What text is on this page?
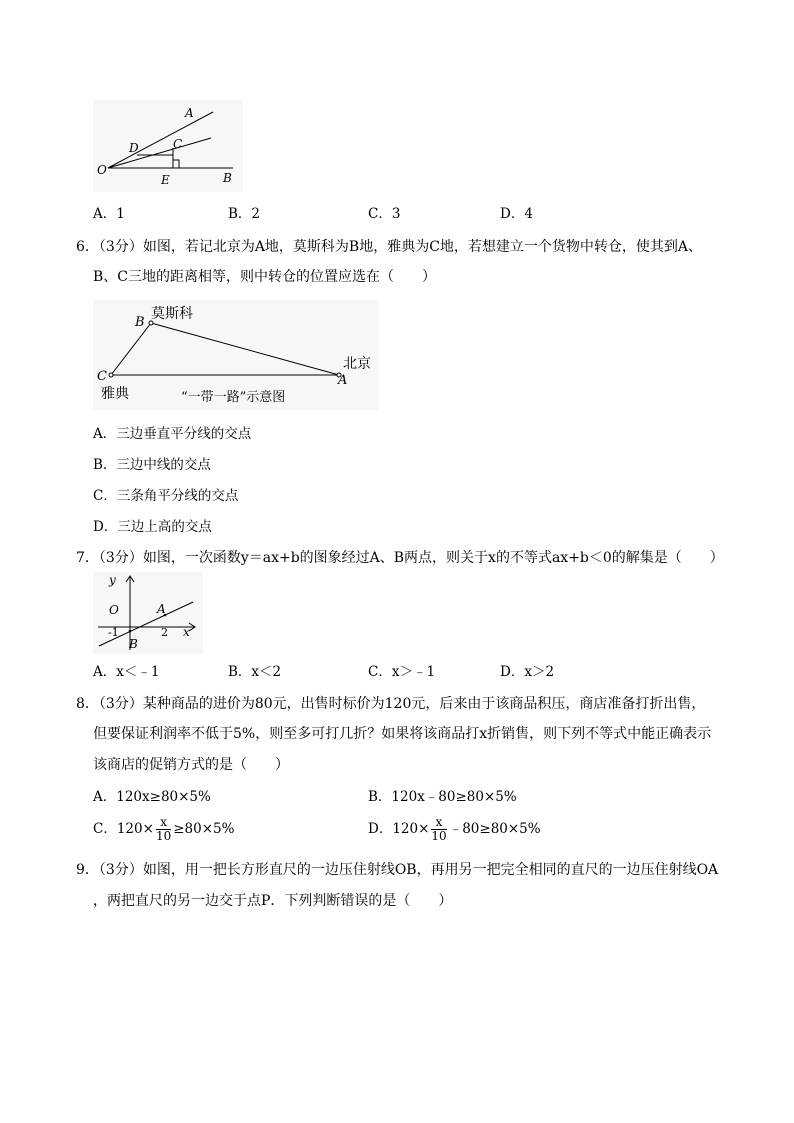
A
C
D
O
E	B
A．1	B．2	C．3	D．4
6．（3分）如图，若记北京为A地，莫斯科为B地，雅典为C地，若想建立一个货物中转仓，使其到A、
B、C三地的距离相等，则中转仓的位置应选在（　　）
B
莫斯科
C
雅典
A
北京
“一带一路”示意图
A．三边垂直平分线的交点
B．三边中线的交点
C．三条角平分线的交点
D．三边上高的交点
7．（3分）如图，一次函数y＝ax+b的图象经过A、B两点，则关于x的不等式ax+b＜0的解集是（　　）
y
x
O	A
B
-1	2
A．x＜﹣1	B．x＜2	C．x＞﹣1	D．x＞2
8．（3分）某种商品的进价为80元，出售时标价为120元，后来由于该商品积压，商店准备打折出售，
但要保证利润率不低于5%，则至多可打几折？如果将该商品打x折销售，则下列不等式中能正确表示
该商店的促销方式的是（　　）
A．120x≥80×5%	B．120x﹣80≥80×5%
C．$120\times \frac{x}{10} \ge 80\times 5\%$	D．$120\times \frac{x}{10}$ ﹣80≥80×5%
9．（3分）如图，用一把长方形直尺的一边压住射线OB，再用另一把完全相同的直尺的一边压住射线OA
，两把直尺的另一边交于点P．下列判断错误的是（　　）
